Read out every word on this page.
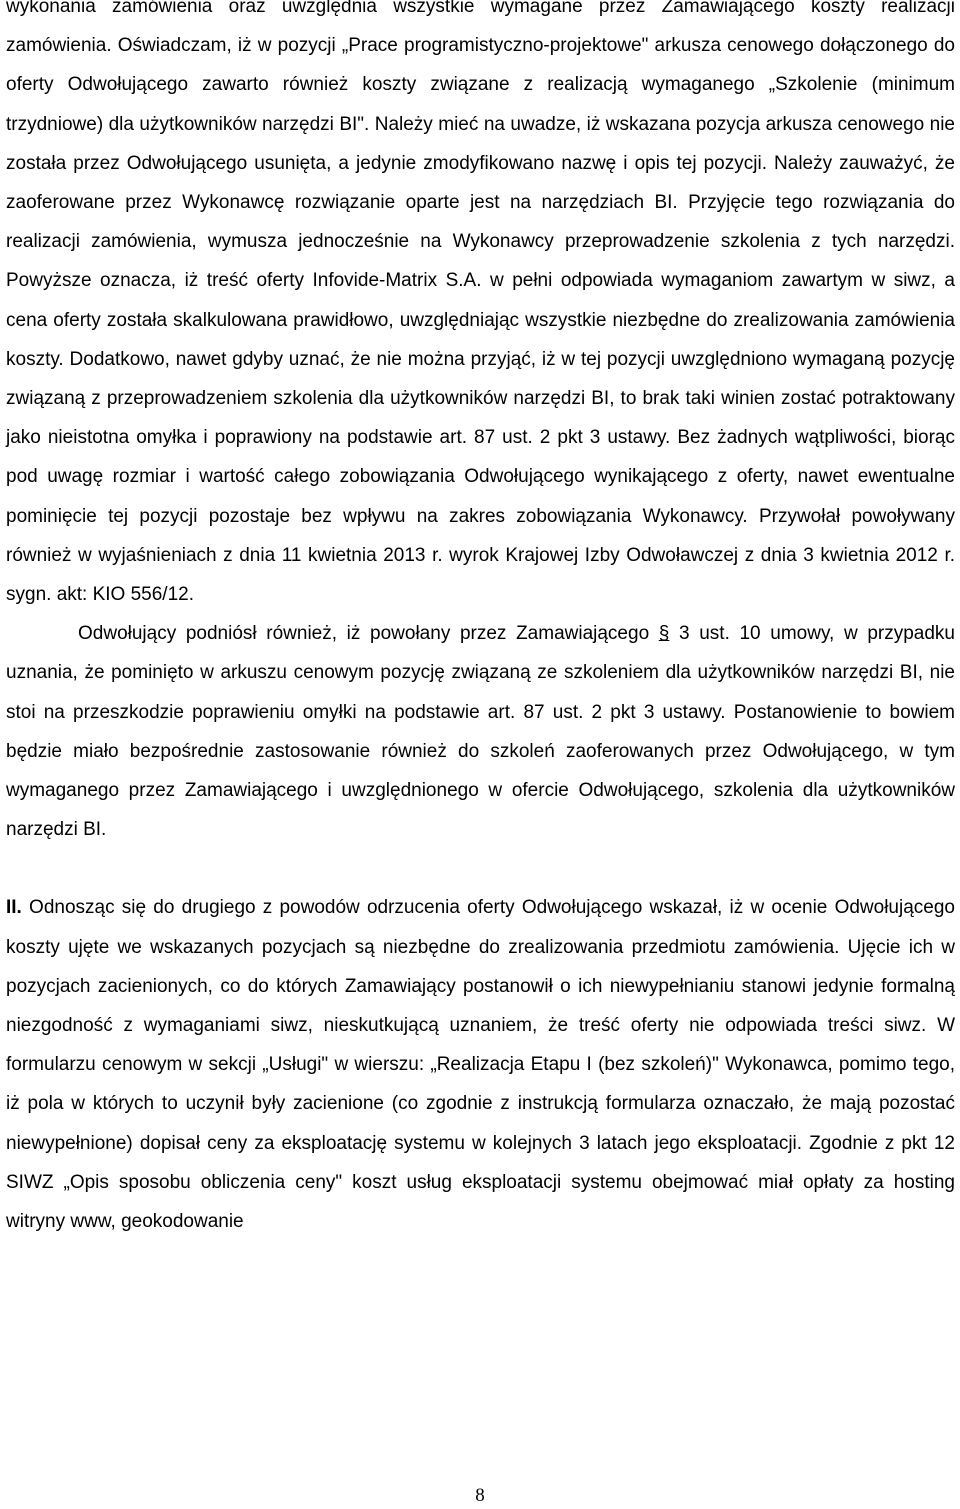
wykonania zamówienia oraz uwzględnia wszystkie wymagane przez Zamawiającego koszty realizacji zamówienia. Oświadczam, iż w pozycji „Prace programistyczno-projektowe" arkusza cenowego dołączonego do oferty Odwołującego zawarto również koszty związane z realizacją wymaganego „Szkolenie (minimum trzydniowe) dla użytkowników narzędzi BI". Należy mieć na uwadze, iż wskazana pozycja arkusza cenowego nie została przez Odwołującego usunięta, a jedynie zmodyfikowano nazwę i opis tej pozycji. Należy zauważyć, że zaoferowane przez Wykonawcę rozwiązanie oparte jest na narzędziach BI. Przyjęcie tego rozwiązania do realizacji zamówienia, wymusza jednocześnie na Wykonawcy przeprowadzenie szkolenia z tych narzędzi. Powyższe oznacza, iż treść oferty Infovide-Matrix S.A. w pełni odpowiada wymaganiom zawartym w siwz, a cena oferty została skalkulowana prawidłowo, uwzględniając wszystkie niezbędne do zrealizowania zamówienia koszty. Dodatkowo, nawet gdyby uznać, że nie można przyjąć, iż w tej pozycji uwzględniono wymaganą pozycję związaną z przeprowadzeniem szkolenia dla użytkowników narzędzi BI, to brak taki winien zostać potraktowany jako nieistotna omyłka i poprawiony na podstawie art. 87 ust. 2 pkt 3 ustawy. Bez żadnych wątpliwości, biorąc pod uwagę rozmiar i wartość całego zobowiązania Odwołującego wynikającego z oferty, nawet ewentualne pominięcie tej pozycji pozostaje bez wpływu na zakres zobowiązania Wykonawcy. Przywołał powoływany również w wyjaśnieniach z dnia 11 kwietnia 2013 r. wyrok Krajowej Izby Odwoławczej z dnia 3 kwietnia 2012 r. sygn. akt: KIO 556/12.

Odwołujący podniósł również, iż powołany przez Zamawiającego § 3 ust. 10 umowy, w przypadku uznania, że pominięto w arkuszu cenowym pozycję związaną ze szkoleniem dla użytkowników narzędzi BI, nie stoi na przeszkodzie poprawieniu omyłki na podstawie art. 87 ust. 2 pkt 3 ustawy. Postanowienie to bowiem będzie miało bezpośrednie zastosowanie również do szkoleń zaoferowanych przez Odwołującego, w tym wymaganego przez Zamawiającego i uwzględnionego w ofercie Odwołującego, szkolenia dla użytkowników narzędzi BI.

II. Odnosząc się do drugiego z powodów odrzucenia oferty Odwołującego wskazał, iż w ocenie Odwołującego koszty ujęte we wskazanych pozycjach są niezbędne do zrealizowania przedmiotu zamówienia. Ujęcie ich w pozycjach zacienionych, co do których Zamawiający postanowił o ich niewypełnianiu stanowi jedynie formalną niezgodność z wymaganiami siwz, nieskutkującą uznaniem, że treść oferty nie odpowiada treści siwz. W formularzu cenowym w sekcji „Usługi" w wierszu: „Realizacja Etapu I (bez szkoleń)" Wykonawca, pomimo tego, iż pola w których to uczynił były zacienione (co zgodnie z instrukcją formularza oznaczało, że mają pozostać niewypełnione) dopisał ceny za eksploatację systemu w kolejnych 3 latach jego eksploatacji. Zgodnie z pkt 12 SIWZ „Opis sposobu obliczenia ceny" koszt usług eksploatacji systemu obejmować miał opłaty za hosting witryny www, geokodowanie

8
